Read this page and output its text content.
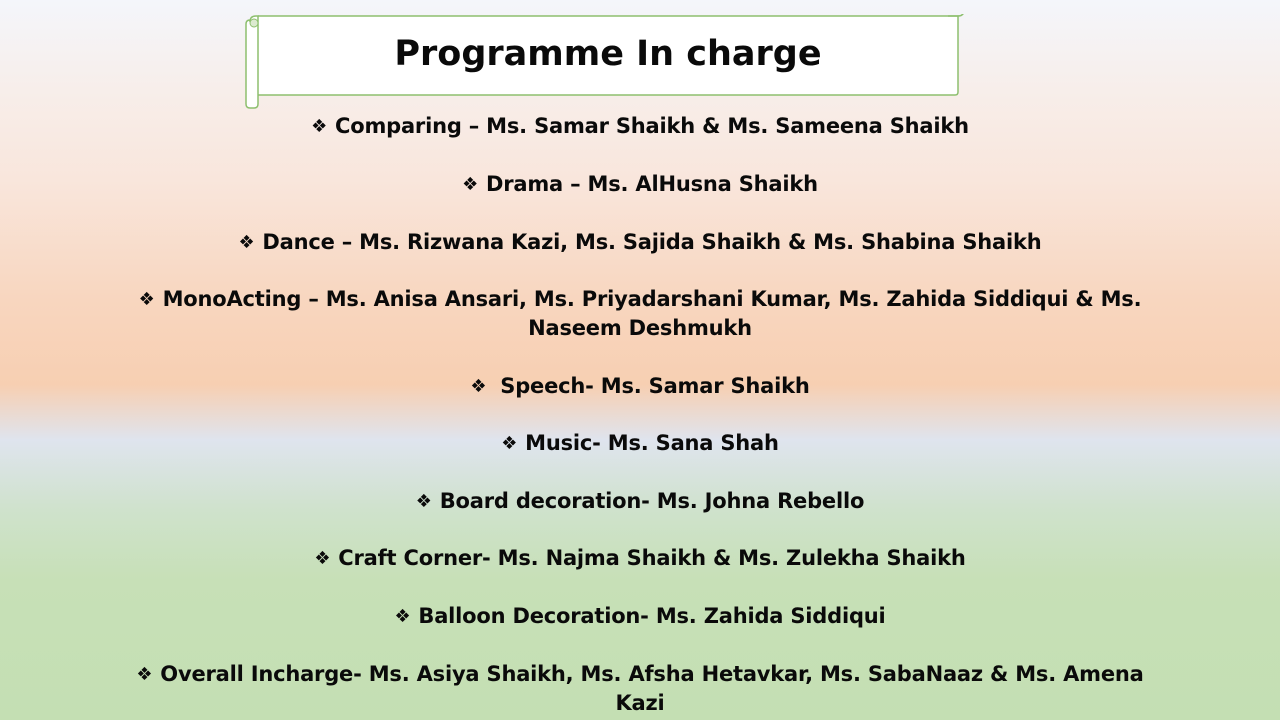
Programme In charge
❖ Comparing – Ms. Samar Shaikh & Ms. Sameena Shaikh
❖ Drama – Ms. AlHusna Shaikh
❖ Dance – Ms. Rizwana Kazi, Ms. Sajida Shaikh & Ms. Shabina Shaikh
❖ MonoActing – Ms. Anisa Ansari, Ms. Priyadarshani Kumar, Ms. Zahida Siddiqui & Ms.
Naseem Deshmukh
❖ Speech- Ms. Samar Shaikh
❖ Music- Ms. Sana Shah
❖ Board decoration- Ms. Johna Rebello
❖ Craft Corner- Ms. Najma Shaikh & Ms. Zulekha Shaikh
❖ Balloon Decoration- Ms. Zahida Siddiqui
❖ Overall Incharge- Ms. Asiya Shaikh, Ms. Afsha Hetavkar, Ms. SabaNaaz & Ms. Amena
Kazi
